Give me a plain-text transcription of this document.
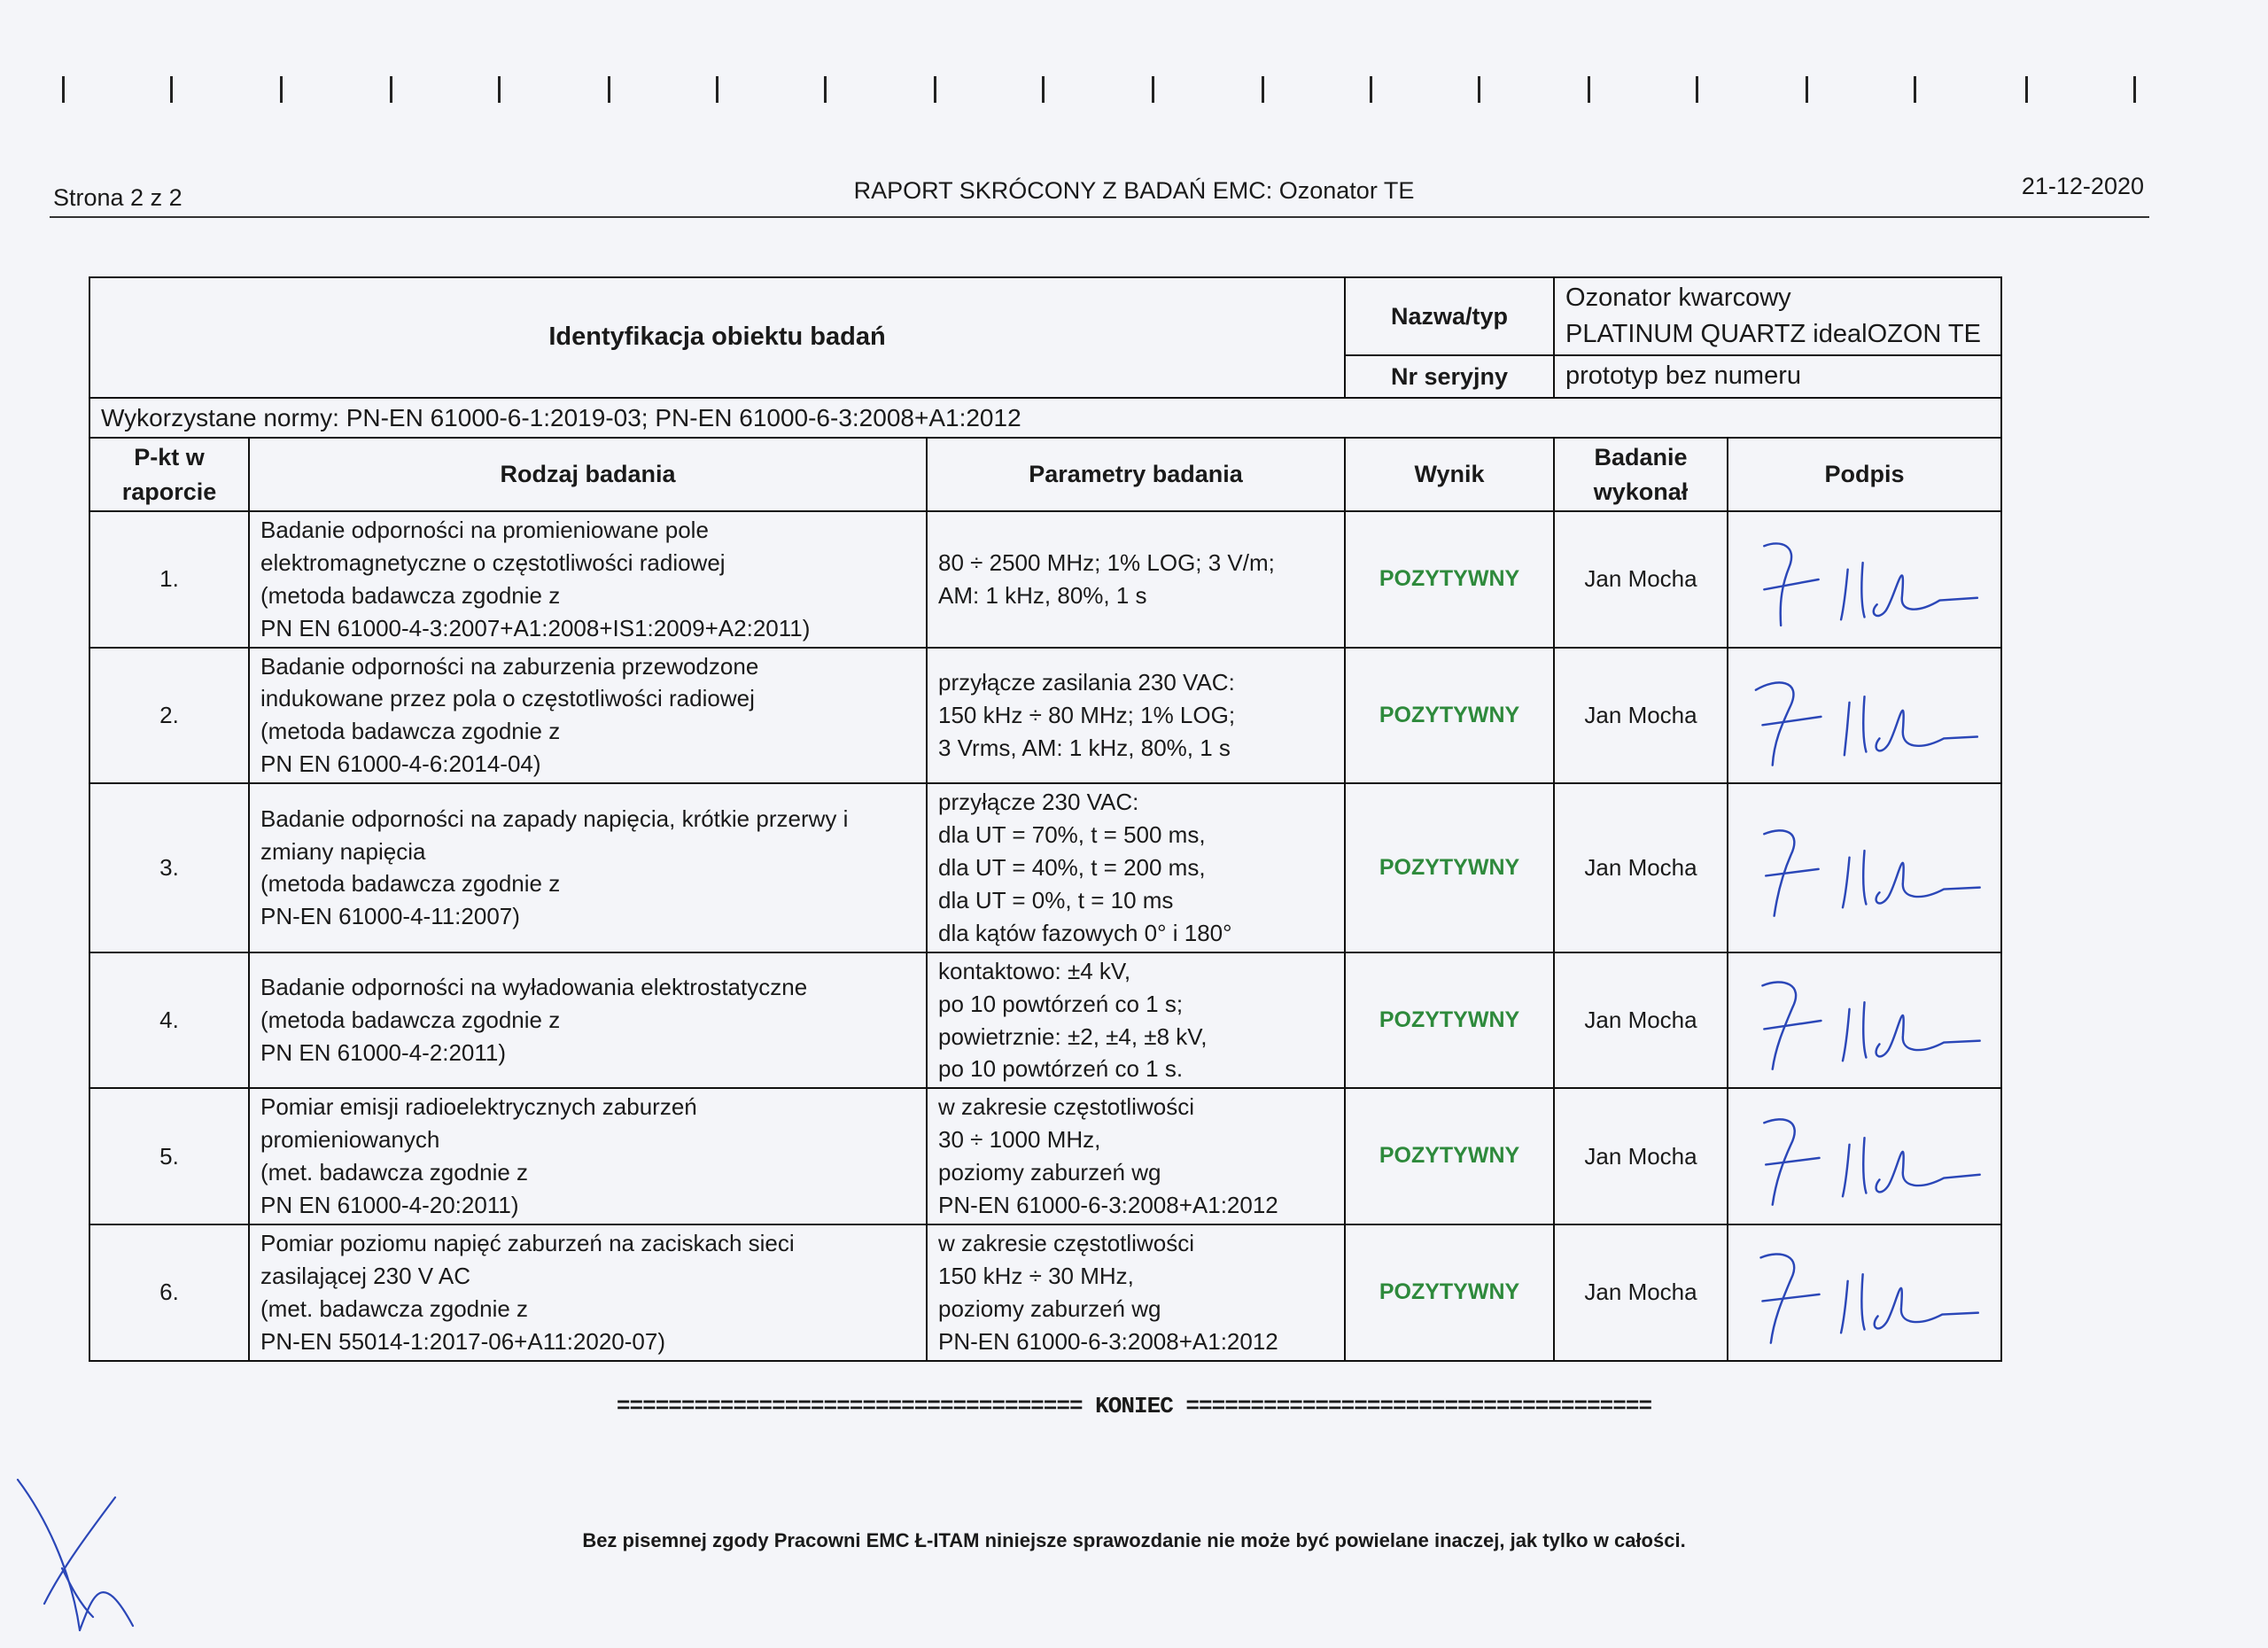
Strona 2 z 2	RAPORT SKRÓCONY Z BADAŃ EMC: Ozonator TE	21-12-2020
Identyfikacja obiektu badań			Nazwa/typ	Ozonator kwarcowy
PLATINUM QUARTZ idealOZON TE	
			Nr seryjny	prototyp bez numeru	
Wykorzystane normy: PN-EN 61000-6-1:2019-03; PN-EN 61000-6-3:2008+A1:2012					
P-kt w raporcie	Rodzaj badania	Parametry badania	Wynik	Badanie wykonał	Podpis
1.	Badanie odporności na promieniowane pole
elektromagnetyczne o częstotliwości radiowej
(metoda badawcza zgodnie z
PN EN 61000-4-3:2007+A1:2008+IS1:2009+A2:2011)	80 ÷ 2500 MHz; 1% LOG; 3 V/m;
AM: 1 kHz, 80%, 1 s	POZYTYWNY	Jan Mocha	

2.	Badanie odporności na zaburzenia przewodzone
indukowane przez pola o częstotliwości radiowej
(metoda badawcza zgodnie z
PN EN 61000-4-6:2014-04)	przyłącze zasilania 230 VAC:
150 kHz ÷ 80 MHz; 1% LOG;
3 Vrms, AM: 1 kHz, 80%, 1 s	POZYTYWNY	Jan Mocha	

3.	Badanie odporności na zapady napięcia, krótkie przerwy i
zmiany napięcia
(metoda badawcza zgodnie z
PN-EN 61000-4-11:2007)	przyłącze 230 VAC:
dla UT = 70%, t = 500 ms,
dla UT = 40%, t = 200 ms,
dla UT = 0%, t = 10 ms
dla kątów fazowych 0° i 180°	POZYTYWNY	Jan Mocha	

4.	Badanie odporności na wyładowania elektrostatyczne
(metoda badawcza zgodnie z
PN EN 61000-4-2:2011)	kontaktowo: ±4 kV,
po 10 powtórzeń co 1 s;
powietrznie: ±2, ±4, ±8 kV,
po 10 powtórzeń co 1 s.	POZYTYWNY	Jan Mocha	

5.	Pomiar emisji radioelektrycznych zaburzeń
promieniowanych
(met. badawcza zgodnie z
PN EN 61000-4-20:2011)	w zakresie częstotliwości
30 ÷ 1000 MHz,
poziomy zaburzeń wg
PN-EN 61000-6-3:2008+A1:2012	POZYTYWNY	Jan Mocha	

6.	Pomiar poziomu napięć zaburzeń na zaciskach sieci
zasilającej 230 V AC
(met. badawcza zgodnie z
PN-EN 55014-1:2017-06+A11:2020-07)	w zakresie częstotliwości
150 kHz ÷ 30 MHz,
poziomy zaburzeń wg
PN-EN 61000-6-3:2008+A1:2012	POZYTYWNY	Jan Mocha	
==================================== KONIEC ====================================
Bez pisemnej zgody Pracowni EMC Ł-ITAM niniejsze sprawozdanie nie może być powielane inaczej, jak tylko w całości.
